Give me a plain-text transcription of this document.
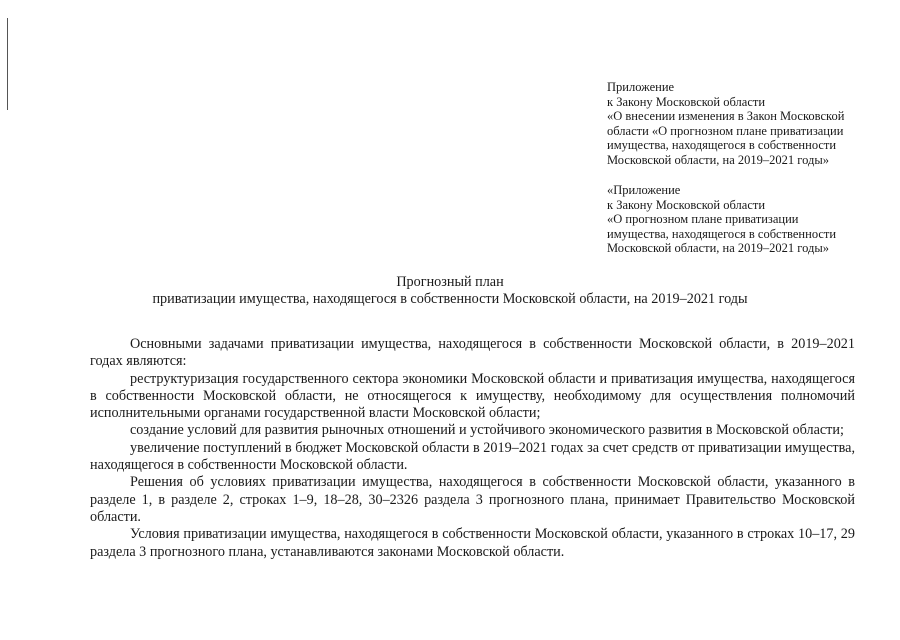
Приложение
к Закону Московской области
«О внесении изменения в Закон Московской
области «О прогнозном плане приватизации
имущества, находящегося в собственности
Московской области, на 2019–2021 годы»
«Приложение
к Закону Московской области
«О прогнозном плане приватизации
имущества, находящегося в собственности
Московской области, на 2019–2021 годы»
Прогнозный план
приватизации имущества, находящегося в собственности Московской области, на 2019–2021 годы

Основными задачами приватизации имущества, находящегося в собственности Московской области, в 2019–2021 годах являются:

реструктуризация государственного сектора экономики Московской области и приватизация имущества, находящегося в собственности Московской области, не относящегося к имуществу, необходимому для осуществления полномочий исполнительными органами государственной власти Московской области;

создание условий для развития рыночных отношений и устойчивого экономического развития в Московской области;

увеличение поступлений в бюджет Московской области в 2019–2021 годах за счет средств от приватизации имущества, находящегося в собственности Московской области.

Решения об условиях приватизации имущества, находящегося в собственности Московской области, указанного в разделе 1, в разделе 2, строках 1–9, 18–28, 30–2326 раздела 3 прогнозного плана, принимает Правительство Московской области.

Условия приватизации имущества, находящегося в собственности Московской области, указанного в строках 10–17, 29 раздела 3 прогнозного плана, устанавливаются законами Московской области.
